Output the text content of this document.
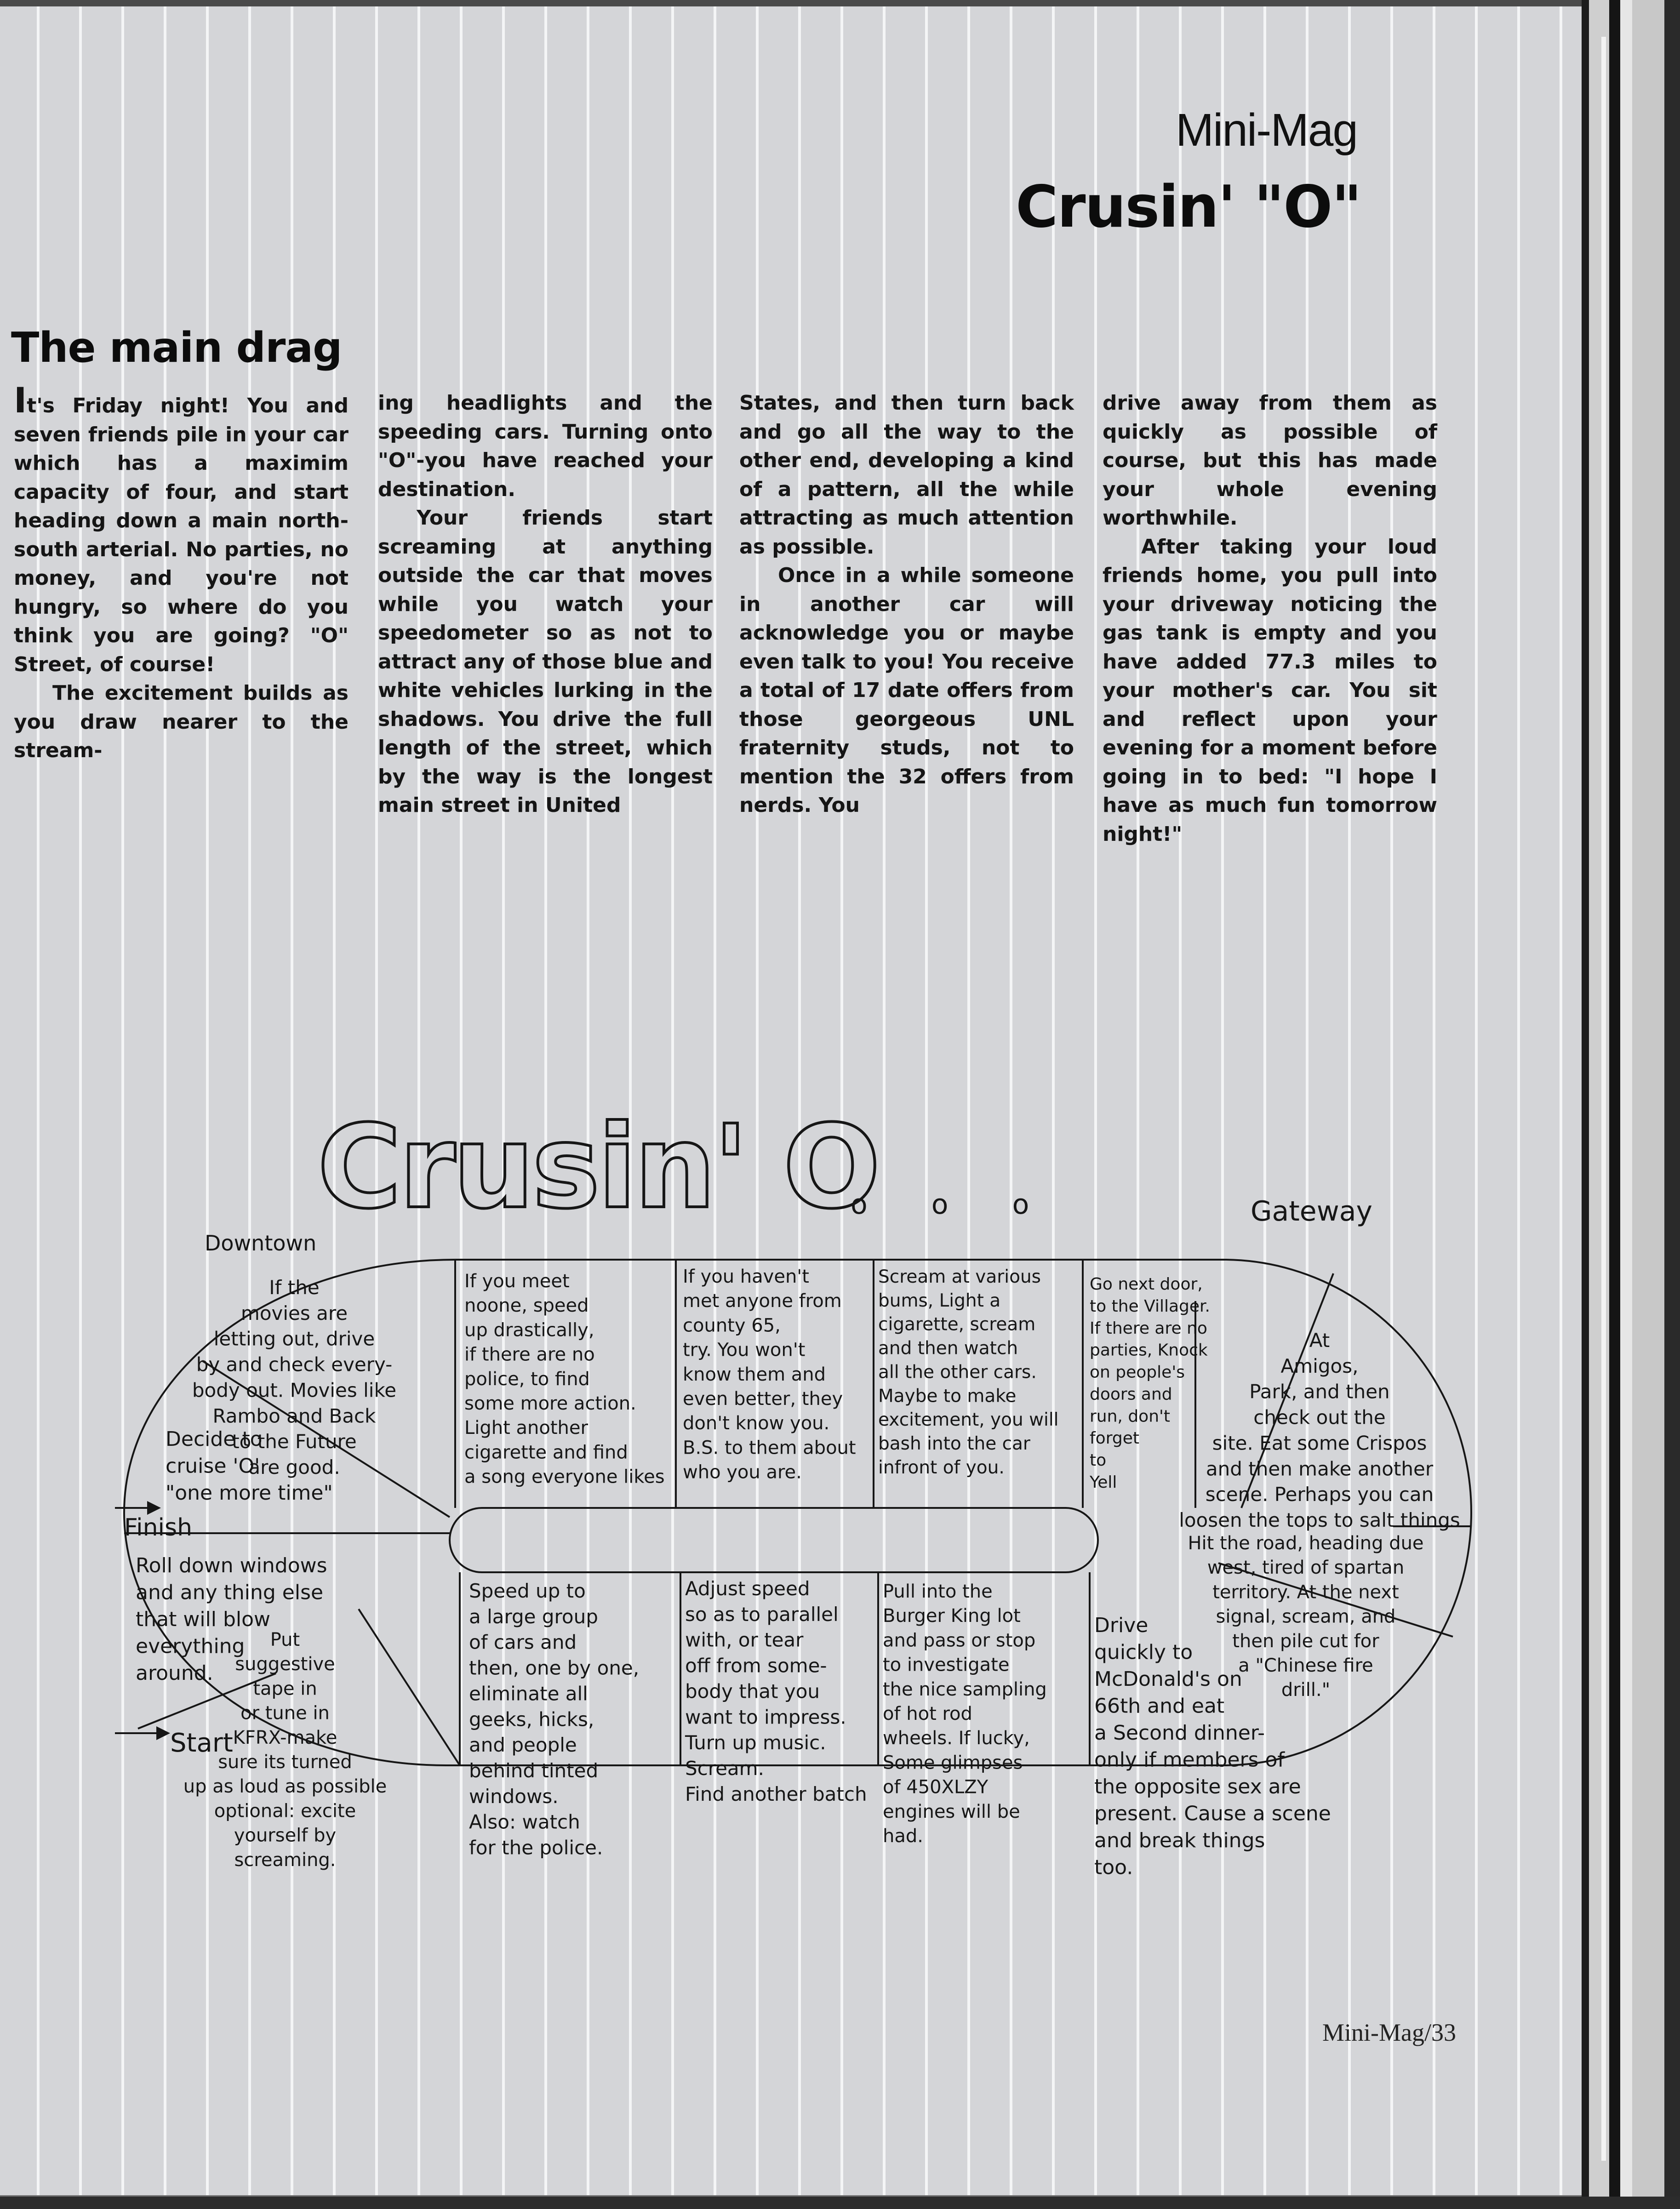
Mini-Mag
Crusin' "O"
The main drag

It's Friday night! You and seven friends pile in your car which has a maximim capacity of four, and start heading down a main north-south arterial. No parties, no money, and you're not hungry, so where do you think you are going? "O" Street, of course!

The excitement builds as you draw nearer to the stream-

ing headlights and the speeding cars. Turning onto "O"-you have reached your destination.

Your friends start screaming at anything outside the car that moves while you watch your speedometer so as not to attract any of those blue and white vehicles lurking in the shadows. You drive the full length of the street, which by the way is the longest main street in United

States, and then turn back and go all the way to the other end, developing a kind of a pattern, all the while attracting as much attention as possible.

Once in a while someone in another car will acknowledge you or maybe even talk to you! You receive a total of 17 date offers from those georgeous UNL fraternity studs, not to mention the 32 offers from nerds. You

drive away from them as quickly as possible of course, but this has made your whole evening worthwhile.

After taking your loud friends home, you pull into your driveway noticing the gas tank is empty and you have added 77.3 miles to your mother's car. You sit and reflect upon your evening for a moment before going in to bed: "I hope I have as much fun tomorrow night!"

Crusin' O
o o o
Downtown
Gateway
Finish
Start
If the movies are letting out, drive by and check every-body out. Movies like Rambo and Back to the Future are good.
Decide to cruise 'O' "one more time"
If you meet noone, speed up drastically, if there are no police, to find some more action. Light another cigarette and find a song everyone likes
If you haven't met anyone from county 65, try. You won't know them and even better, they don't know you. B.S. to them about who you are.
Scream at various bums, Light a cigarette, scream and then watch all the other cars. Maybe to make excitement, you will bash into the car infront of you.
Go next door, to the Villager. If there are no parties, Knock on people's doors and run, don't forget to Yell
At Amigos, Park, and then check out the site. Eat some Crispos and then make another scene. Perhaps you can loosen the tops to salt things
Hit the road, heading due west, tired of spartan territory. At the next signal, scream, and then pile cut for a "Chinese fire drill."
Roll down windows and any thing else that will blow everything around.
Put suggestive tape in or tune in KFRX-make sure its turned up as loud as possible optional: excite yourself by screaming.
Speed up to a large group of cars and then, one by one, eliminate all geeks, hicks, and people behind tinted windows. Also: watch for the police.
Adjust speed so as to parallel with, or tear off from some-body that you want to impress. Turn up music. Scream. Find another batch
Pull into the Burger King lot and pass or stop to investigate the nice sampling of hot rod wheels. If lucky, Some glimpses of 450XLZY engines will be had.
Drive quickly to McDonald's on 66th and eat a Second dinner-only if members of the opposite sex are present. Cause a scene and break things too.
Mini-Mag/33
